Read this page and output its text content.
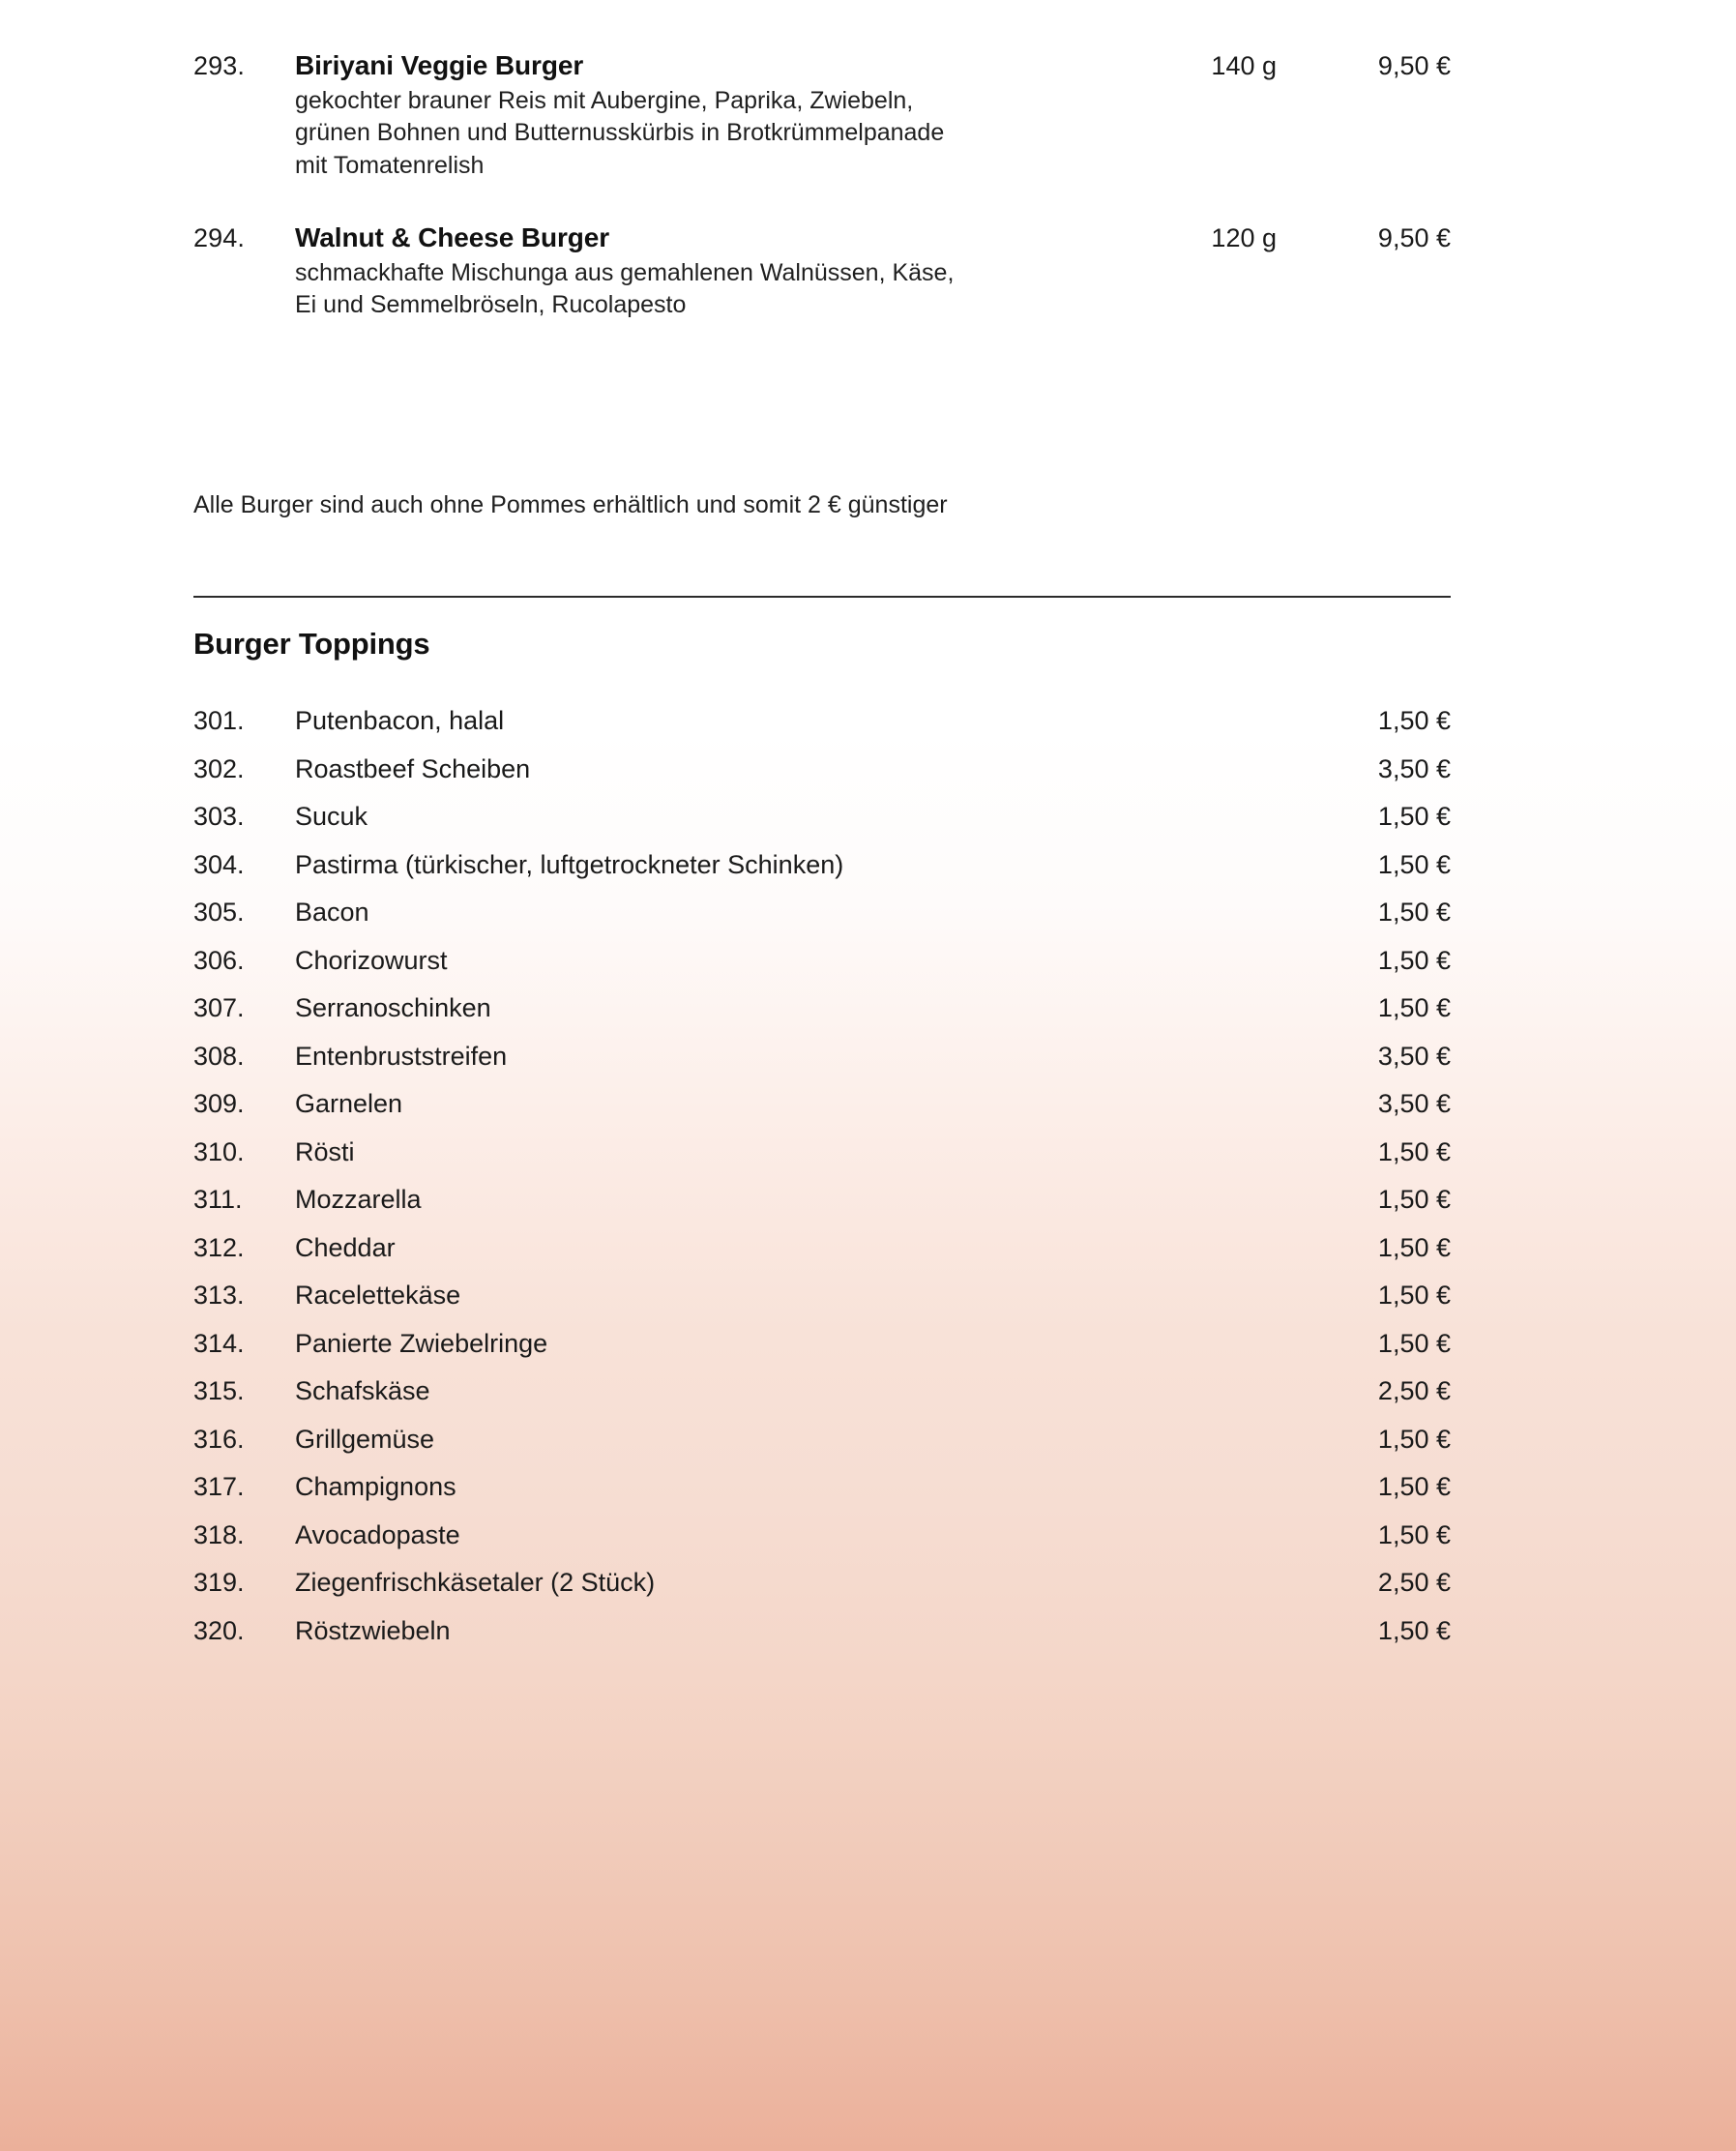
293.	Biriyani Veggie Burger	140 g	9,50 €
gekochter brauner Reis mit Aubergine, Paprika, Zwiebeln,
grünen Bohnen und Butternusskürbis in Brotkrümmelpanade
mit Tomatenrelish
294.	Walnut & Cheese Burger	120 g	9,50 €
schmackhafte Mischunga aus gemahlenen Walnüssen, Käse,
Ei und Semmelbröseln, Rucolapesto
Alle Burger sind auch ohne Pommes erhältlich und somit 2 € günstiger
Burger Toppings
301.	Putenbacon, halal	1,50 €
302.	Roastbeef Scheiben	3,50 €
303.	Sucuk	1,50 €
304.	Pastirma (türkischer, luftgetrockneter Schinken)	1,50 €
305.	Bacon	1,50 €
306.	Chorizowurst	1,50 €
307.	Serranoschinken	1,50 €
308.	Entenbruststreifen	3,50 €
309.	Garnelen	3,50 €
310.	Rösti	1,50 €
311.	Mozzarella	1,50 €
312.	Cheddar	1,50 €
313.	Racelettekäse	1,50 €
314.	Panierte Zwiebelringe	1,50 €
315.	Schafskäse	2,50 €
316.	Grillgemüse	1,50 €
317.	Champignons	1,50 €
318.	Avocadopaste	1,50 €
319.	Ziegenfrischkäsetaler (2 Stück)	2,50 €
320.	Röstzwiebeln	1,50 €
